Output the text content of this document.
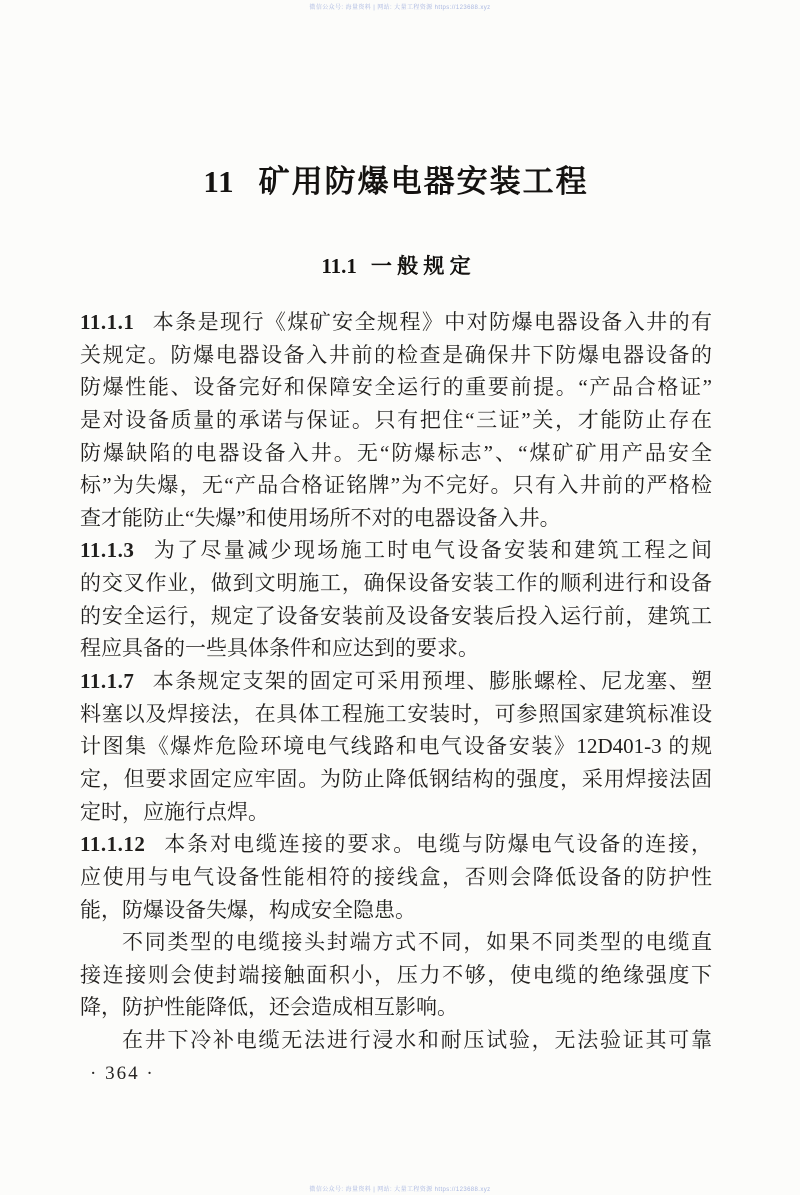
微信公众号: 海量资料 | 网站: 大量工程资源 https://123688.xyz
11 矿用防爆电器安装工程
11.1 一 般 规 定
11.1.1 本条是现行《煤矿安全规程》中对防爆电器设备入井的有
关规定。防爆电器设备入井前的检查是确保井下防爆电器设备的
防爆性能、设备完好和保障安全运行的重要前提。“产品合格证”
是对设备质量的承诺与保证。只有把住“三证”关，才能防止存在
防爆缺陷的电器设备入井。无“防爆标志”、“煤矿矿用产品安全
标”为失爆，无“产品合格证铭牌”为不完好。只有入井前的严格检
查才能防止“失爆”和使用场所不对的电器设备入井。
11.1.3 为了尽量减少现场施工时电气设备安装和建筑工程之间
的交叉作业，做到文明施工，确保设备安装工作的顺利进行和设备
的安全运行，规定了设备安装前及设备安装后投入运行前，建筑工
程应具备的一些具体条件和应达到的要求。
11.1.7 本条规定支架的固定可采用预埋、膨胀螺栓、尼龙塞、塑
料塞以及焊接法，在具体工程施工安装时，可参照国家建筑标准设
计图集《爆炸危险环境电气线路和电气设备安装》12D401-3 的规
定，但要求固定应牢固。为防止降低钢结构的强度，采用焊接法固
定时，应施行点焊。
11.1.12 本条对电缆连接的要求。电缆与防爆电气设备的连接，
应使用与电气设备性能相符的接线盒，否则会降低设备的防护性
能，防爆设备失爆，构成安全隐患。
不同类型的电缆接头封端方式不同，如果不同类型的电缆直
接连接则会使封端接触面积小，压力不够，使电缆的绝缘强度下
降，防护性能降低，还会造成相互影响。
在井下冷补电缆无法进行浸水和耐压试验，无法验证其可靠
· 364 ·
微信公众号: 海量资料 | 网站: 大量工程资源 https://123688.xyz
